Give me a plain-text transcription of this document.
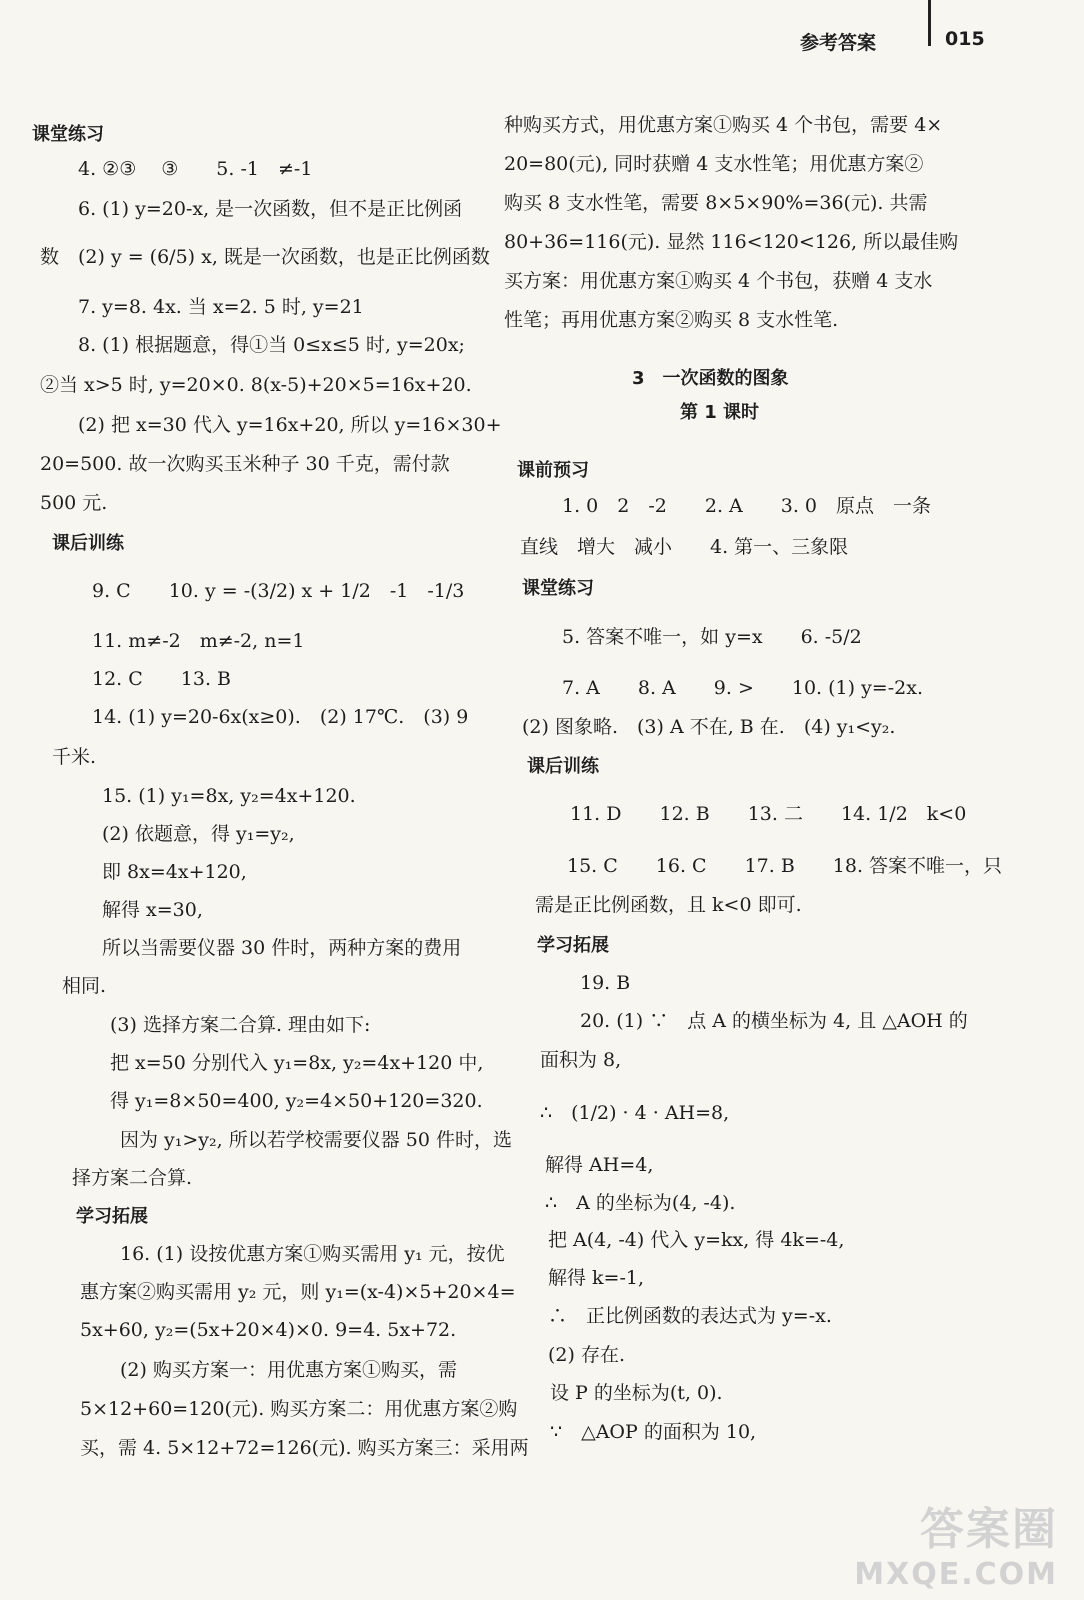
参考答案	015
课堂练习
4. ②③　 ③　　5. -1　≠-1
6. (1) y=20-x, 是一次函数，但不是正比例函
数　(2) y = (6/5) x, 既是一次函数，也是正比例函数
7. y=8. 4x. 当 x=2. 5 时, y=21
8. (1) 根据题意，得①当 0≤x≤5 时, y=20x;
②当 x>5 时, y=20×0. 8(x-5)+20×5=16x+20.
(2) 把 x=30 代入 y=16x+20, 所以 y=16×30+
20=500. 故一次购买玉米种子 30 千克，需付款
500 元.
课后训练
9. C　　10. y = -(3/2) x + 1/2　-1　-1/3
11. m≠-2　m≠-2, n=1
12. C　　13. B
14. (1) y=20-6x(x≥0).　(2) 17℃.　(3) 9
千米.
15. (1) y₁=8x, y₂=4x+120.
(2) 依题意，得 y₁=y₂,
即 8x=4x+120,
解得 x=30,
所以当需要仪器 30 件时，两种方案的费用
相同.
(3) 选择方案二合算. 理由如下:
把 x=50 分别代入 y₁=8x, y₂=4x+120 中,
得 y₁=8×50=400, y₂=4×50+120=320.
因为 y₁>y₂, 所以若学校需要仪器 50 件时，选
择方案二合算.
学习拓展
16. (1) 设按优惠方案①购买需用 y₁ 元，按优
惠方案②购买需用 y₂ 元，则 y₁=(x-4)×5+20×4=
5x+60, y₂=(5x+20×4)×0. 9=4. 5x+72.
(2) 购买方案一：用优惠方案①购买，需
5×12+60=120(元). 购买方案二：用优惠方案②购
买，需 4. 5×12+72=126(元). 购买方案三：采用两
种购买方式，用优惠方案①购买 4 个书包，需要 4×
20=80(元), 同时获赠 4 支水性笔；用优惠方案②
购买 8 支水性笔，需要 8×5×90%=36(元). 共需
80+36=116(元). 显然 116<120<126, 所以最佳购
买方案：用优惠方案①购买 4 个书包，获赠 4 支水
性笔；再用优惠方案②购买 8 支水性笔.
3　一次函数的图象
第 1 课时
课前预习
1. 0　2　-2　　2. A　　3. 0　原点　一条
直线　增大　减小　　4. 第一、三象限
课堂练习
5. 答案不唯一，如 y=x　　6. -5/2
7. A　　8. A　　9. >　　10. (1) y=-2x.
(2) 图象略.　(3) A 不在, B 在.　(4) y₁<y₂.
课后训练
11. D　　12. B　　13. 二　　14. 1/2　k<0
15. C　　16. C　　17. B　　18. 答案不唯一，只
需是正比例函数，且 k<0 即可.
学习拓展
19. B
20. (1) ∵　点 A 的横坐标为 4, 且 △AOH 的
面积为 8,
∴　(1/2) · 4 · AH=8,
解得 AH=4,
∴　A 的坐标为(4, -4).
把 A(4, -4) 代入 y=kx, 得 4k=-4,
解得 k=-1,
∴　正比例函数的表达式为 y=-x.
(2) 存在.
设 P 的坐标为(t, 0).
∵　△AOP 的面积为 10,
答案圈
MXQE.COM
